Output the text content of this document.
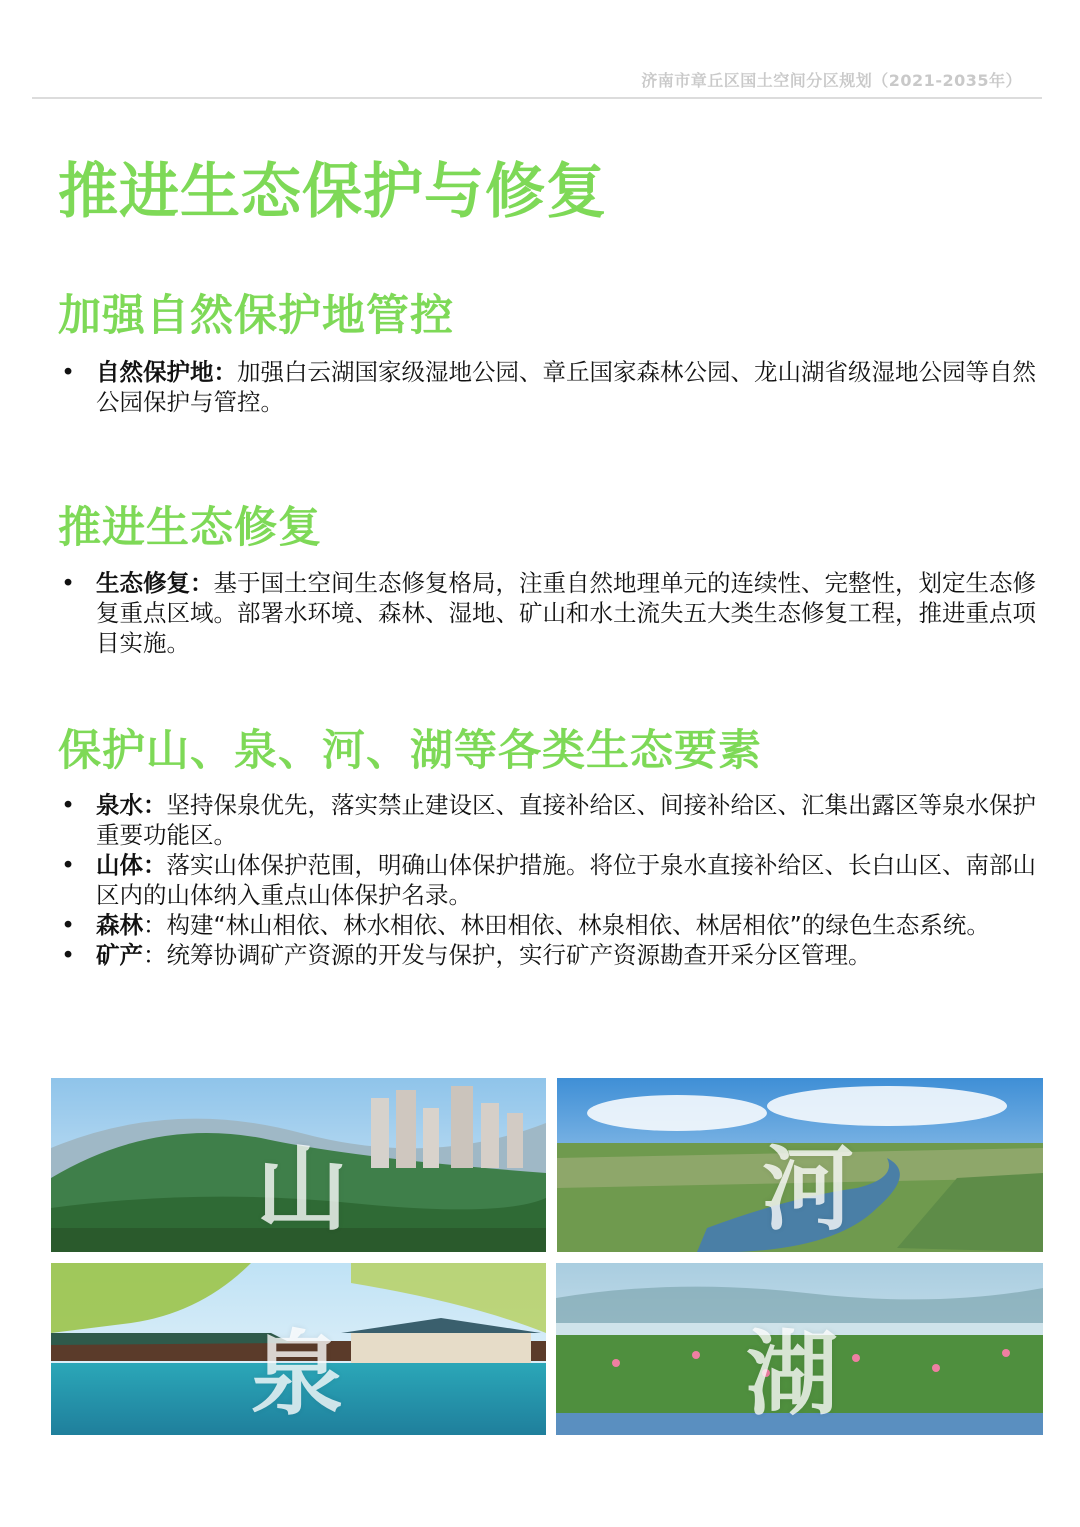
济南市章丘区国土空间分区规划（2021-2035年）
推进生态保护与修复
加强自然保护地管控
• 自然保护地：加强白云湖国家级湿地公园、章丘国家森林公园、龙山湖省级湿地公园等自然公园保护与管控。
推进生态修复
• 生态修复：基于国土空间生态修复格局，注重自然地理单元的连续性、完整性，划定生态修复重点区域。部署水环境、森林、湿地、矿山和水土流失五大类生态修复工程，推进重点项目实施。
保护山、泉、河、湖等各类生态要素
• 泉水：坚持保泉优先，落实禁止建设区、直接补给区、间接补给区、汇集出露区等泉水保护重要功能区。
• 山体：落实山体保护范围，明确山体保护措施。将位于泉水直接补给区、长白山区、南部山区内的山体纳入重点山体保护名录。
• 森林：构建“林山相依、林水相依、林田相依、林泉相依、林居相依”的绿色生态系统。
• 矿产：统筹协调矿产资源的开发与保护，实行矿产资源勘查开采分区管理。
山	河
泉	湖
